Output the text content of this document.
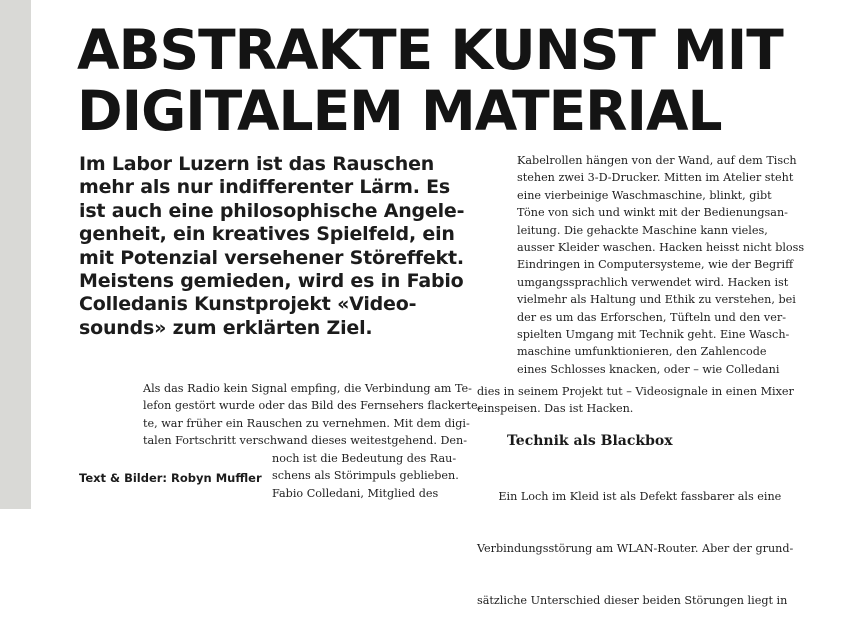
ABSTRAKTE KUNST MIT
DIGITALEM MATERIAL

Im Labor Luzern ist das Rauschen
mehr als nur indifferenter Lärm. Es
ist auch eine philosophische Angele-
genheit, ein kreatives Spielfeld, ein
mit Potenzial versehener Störeffekt.
Meistens gemieden, wird es in Fabio
Colledanis Kunstprojekt «Video-
sounds» zum erklärten Ziel.

Als das Radio kein Signal empfing, die Verbindung am Te-
lefon gestört wurde oder das Bild des Fernsehers flackerte,
te, war früher ein Rauschen zu vernehmen. Mit dem digi-
talen Fortschritt verschwand dieses weitestgehend. Den-
Text & Bilder: Robyn Muffler
noch ist die Bedeutung des Rau-
schens als Störimpuls geblieben.
Fabio Colledani, Mitglied des
Kabelrollen hängen von der Wand, auf dem Tisch
stehen zwei 3-D-Drucker. Mitten im Atelier steht
eine vierbeinige Waschmaschine, blinkt, gibt
Töne von sich und winkt mit der Bedienungsan-
leitung. Die gehackte Maschine kann vieles,
ausser Kleider waschen. Hacken heisst nicht bloss
Eindringen in Computersysteme, wie der Begriff
umgangssprachlich verwendet wird. Hacken ist
vielmehr als Haltung und Ethik zu verstehen, bei
der es um das Erforschen, Tüfteln und den ver-
spielten Umgang mit Technik geht. Eine Wasch-
maschine umfunktionieren, den Zahlencode
eines Schlosses knacken, oder – wie Colledani
dies in seinem Projekt tut – Videosignale in einen Mixer
einspeisen. Das ist Hacken.
Technik als Blackbox

Ein Loch im Kleid ist als Defekt fassbarer als eine

Verbindungsstörung am WLAN-Router. Aber der grund-

sätzliche Unterschied dieser beiden Störungen liegt in
